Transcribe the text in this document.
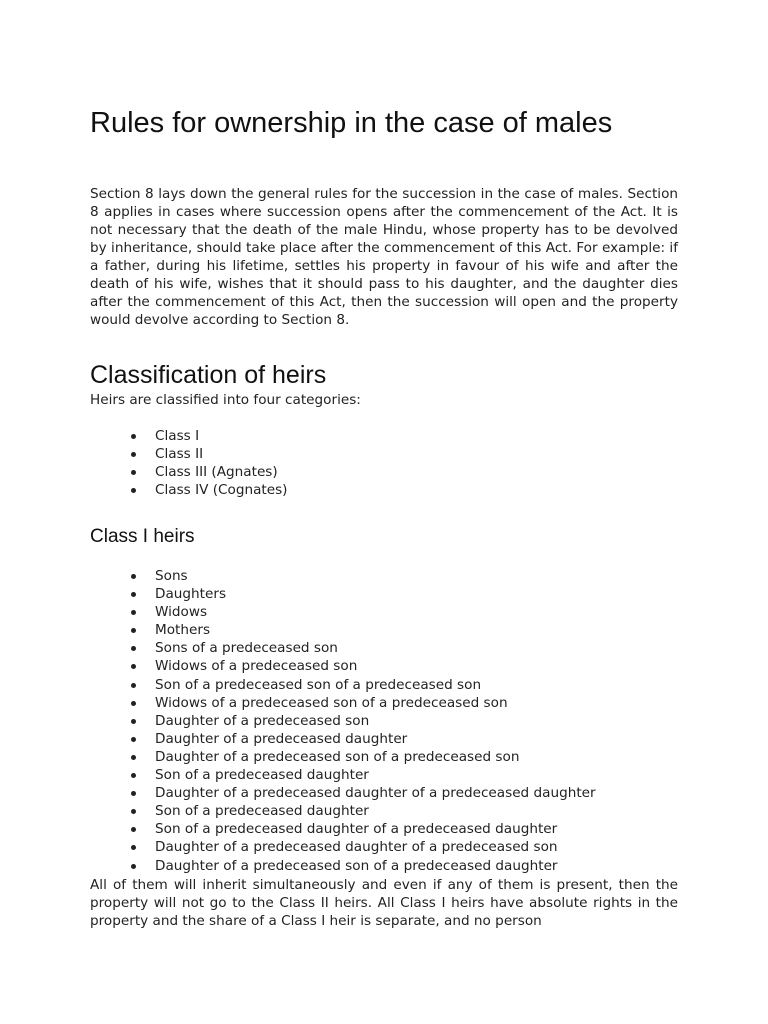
Rules for ownership in the case of males

Section 8 lays down the general rules for the succession in the case of males. Section 8 applies in cases where succession opens after the commencement of the Act. It is not necessary that the death of the male Hindu, whose property has to be devolved by inheritance, should take place after the commencement of this Act. For example: if a father, during his lifetime, settles his property in favour of his wife and after the death of his wife, wishes that it should pass to his daughter, and the daughter dies after the commencement of this Act, then the succession will open and the property would devolve according to Section 8.

Classification of heirs

Heirs are classified into four categories:

Class I
Class II
Class III (Agnates)
Class IV (Cognates)
Class I heirs
Sons
Daughters
Widows
Mothers
Sons of a predeceased son
Widows of a predeceased son
Son of a predeceased son of a predeceased son
Widows of a predeceased son of a predeceased son
Daughter of a predeceased son
Daughter of a predeceased daughter
Daughter of a predeceased son of a predeceased son
Son of a predeceased daughter
Daughter of a predeceased daughter of a predeceased daughter
Son of a predeceased daughter
Son of a predeceased daughter of a predeceased daughter
Daughter of a predeceased daughter of a predeceased son
Daughter of a predeceased son of a predeceased daughter

All of them will inherit simultaneously and even if any of them is present, then the property will not go to the Class II heirs. All Class I heirs have absolute rights in the property and the share of a Class I heir is separate, and no person
